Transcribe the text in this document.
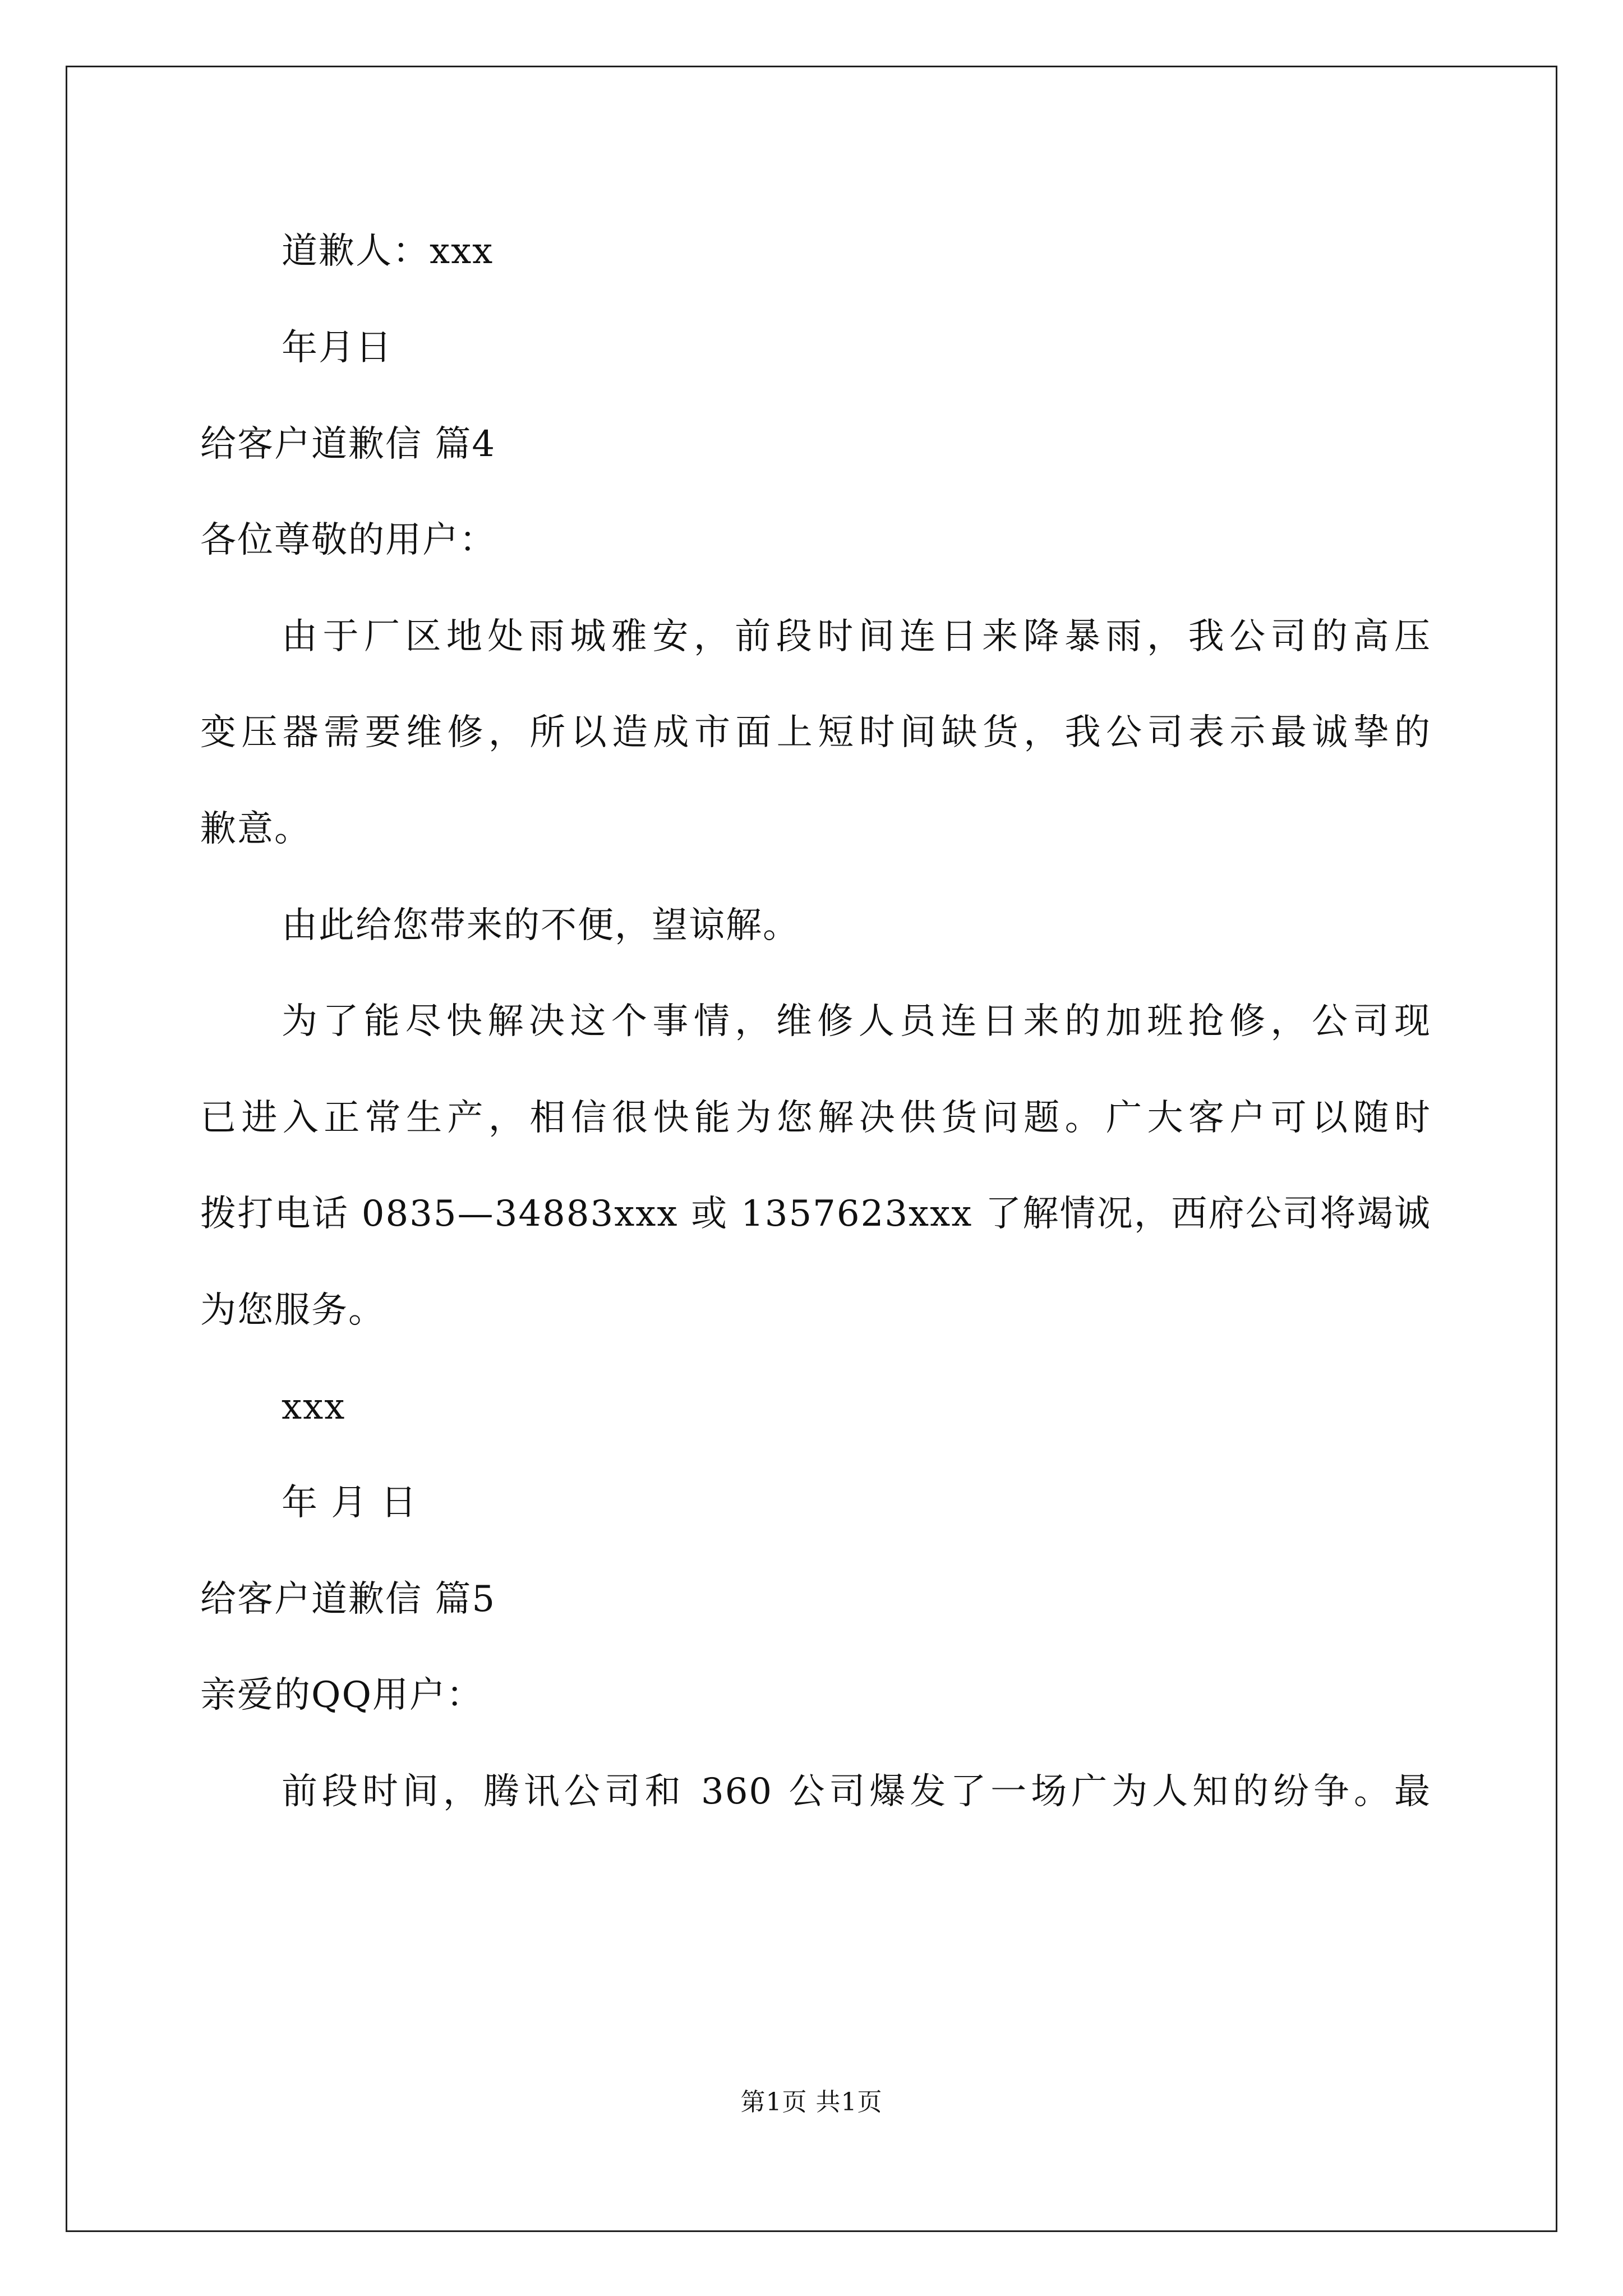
道歉人：xxx
年月日
给客户道歉信 篇4
各位尊敬的用户：
由于厂区地处雨城雅安，前段时间连日来降暴雨，我公司的高压
变压器需要维修，所以造成市面上短时间缺货，我公司表示最诚挚的
歉意。
由此给您带来的不便，望谅解。
为了能尽快解决这个事情，维修人员连日来的加班抢修，公司现
已进入正常生产，相信很快能为您解决供货问题。广大客户可以随时
拨打电话 0835—34883xxx 或 1357623xxx 了解情况，西府公司将竭诚
为您服务。
xxx
年 月 日
给客户道歉信 篇5
亲爱的QQ用户：
前段时间，腾讯公司和 360 公司爆发了一场广为人知的纷争。最
第1页 共1页
